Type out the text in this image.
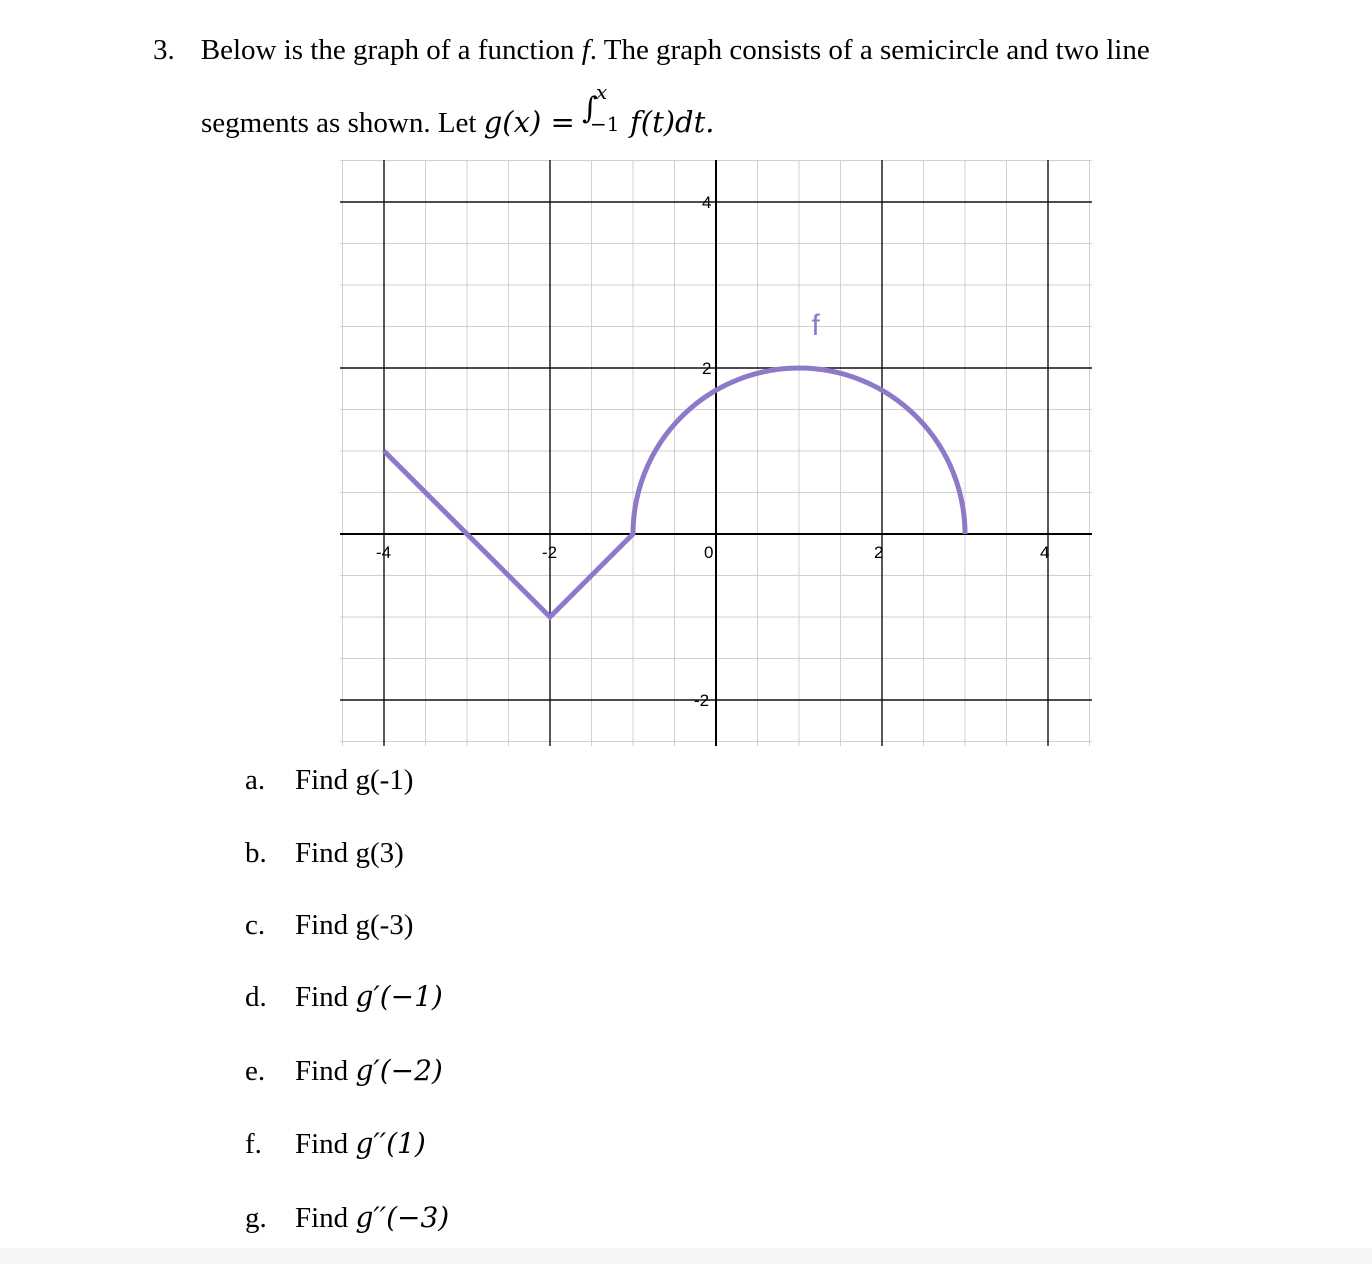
3. Below is the graph of a function f. The graph consists of a semicircle and two line
segments as shown. Let g(x) = ∫
x
−1 f(t)dt.
-4	-2	0	2	4
4
2
-2
f
a. Find g(-1)
b. Find g(3)
c. Find g(-3)
d. Find g′(−1)
e. Find g′(−2)
f. Find g′′(1)
g. Find g′′(−3)
